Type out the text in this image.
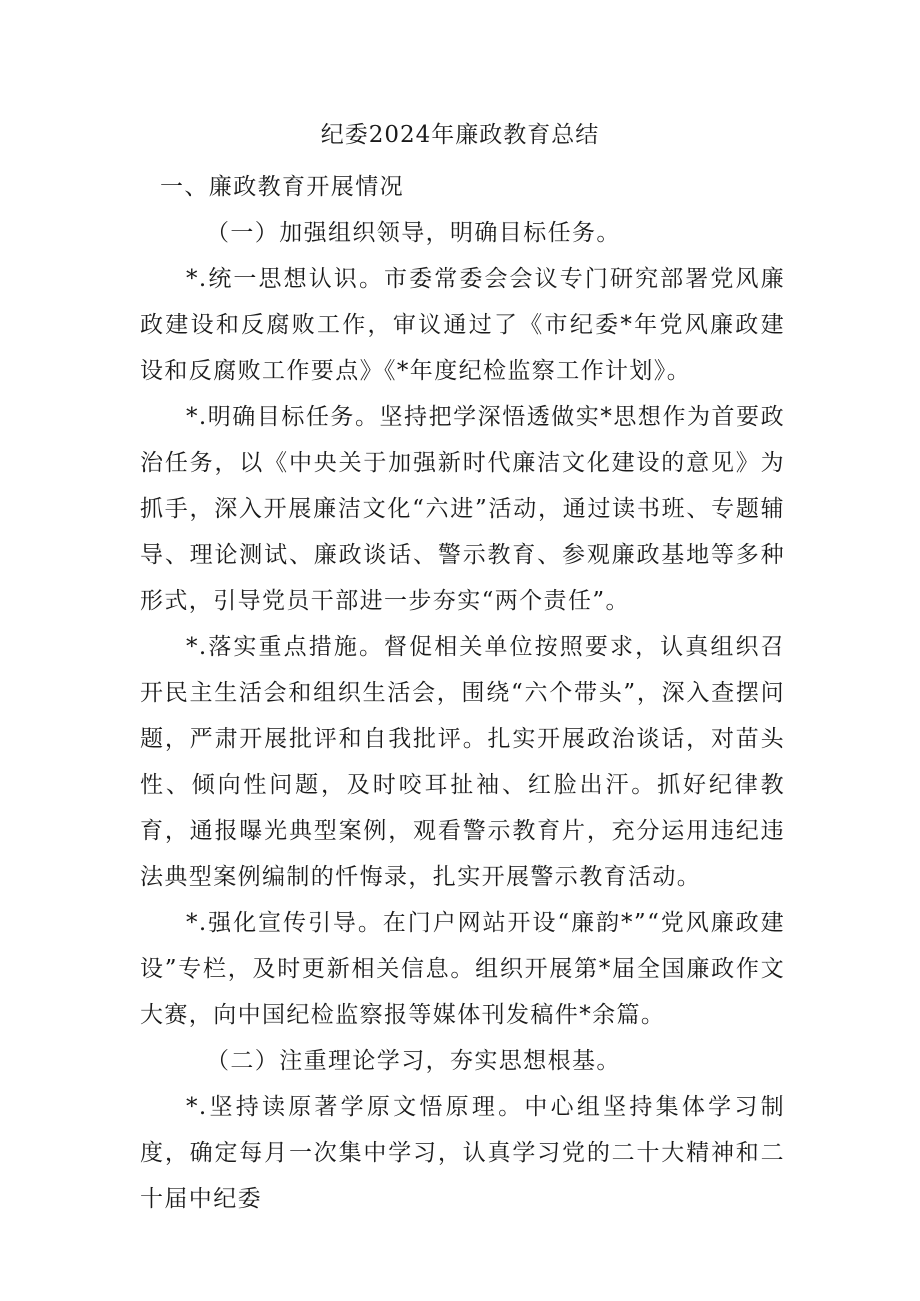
纪委2024年廉政教育总结

一、廉政教育开展情况

（一）加强组织领导，明确目标任务。

*.统一思想认识。市委常委会会议专门研究部署党风廉政建设和反腐败工作，审议通过了《市纪委*年党风廉政建设和反腐败工作要点》《*年度纪检监察工作计划》。

*.明确目标任务。坚持把学深悟透做实*思想作为首要政治任务，以《中央关于加强新时代廉洁文化建设的意见》为抓手，深入开展廉洁文化“六进”活动，通过读书班、专题辅导、理论测试、廉政谈话、警示教育、参观廉政基地等多种形式，引导党员干部进一步夯实“两个责任”。

*.落实重点措施。督促相关单位按照要求，认真组织召开民主生活会和组织生活会，围绕“六个带头”，深入查摆问题，严肃开展批评和自我批评。扎实开展政治谈话，对苗头性、倾向性问题，及时咬耳扯袖、红脸出汗。抓好纪律教育，通报曝光典型案例，观看警示教育片，充分运用违纪违法典型案例编制的忏悔录，扎实开展警示教育活动。

*.强化宣传引导。在门户网站开设“廉韵*”“党风廉政建设”专栏，及时更新相关信息。组织开展第*届全国廉政作文大赛，向中国纪检监察报等媒体刊发稿件*余篇。

（二）注重理论学习，夯实思想根基。

*.坚持读原著学原文悟原理。中心组坚持集体学习制度，确定每月一次集中学习，认真学习党的二十大精神和二十届中纪委
